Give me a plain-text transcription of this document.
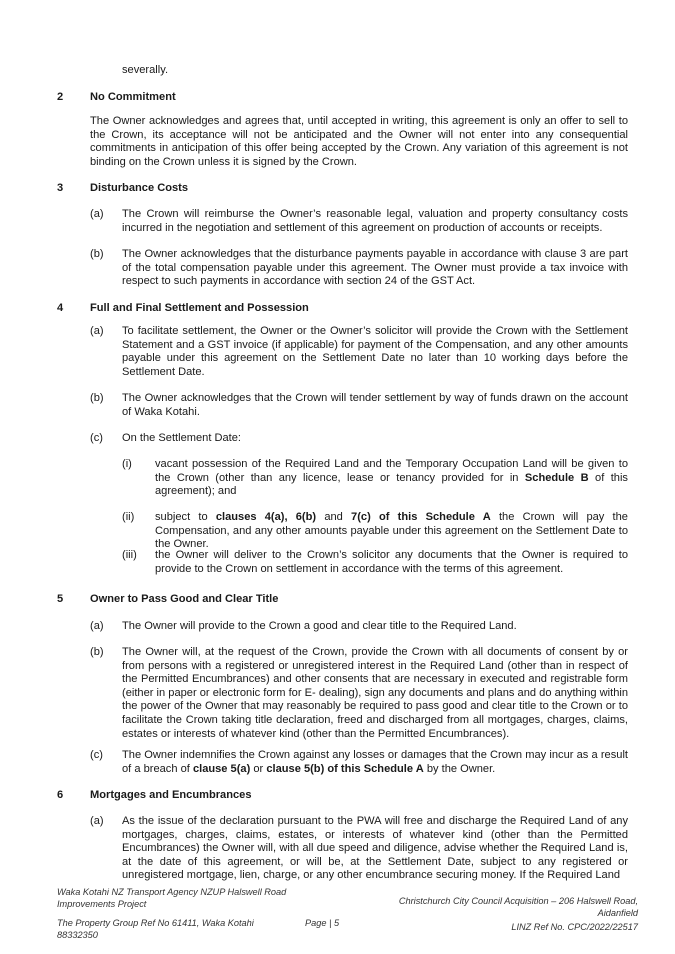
severally.
2 No Commitment
The Owner acknowledges and agrees that, until accepted in writing, this agreement is only an offer to sell to the Crown, its acceptance will not be anticipated and the Owner will not enter into any consequential commitments in anticipation of this offer being accepted by the Crown. Any variation of this agreement is not binding on the Crown unless it is signed by the Crown.
3 Disturbance Costs
(a) The Crown will reimburse the Owner’s reasonable legal, valuation and property consultancy costs incurred in the negotiation and settlement of this agreement on production of accounts or receipts.
(b) The Owner acknowledges that the disturbance payments payable in accordance with clause 3 are part of the total compensation payable under this agreement. The Owner must provide a tax invoice with respect to such payments in accordance with section 24 of the GST Act.
4 Full and Final Settlement and Possession
(a) To facilitate settlement, the Owner or the Owner’s solicitor will provide the Crown with the Settlement Statement and a GST invoice (if applicable) for payment of the Compensation, and any other amounts payable under this agreement on the Settlement Date no later than 10 working days before the Settlement Date.
(b) The Owner acknowledges that the Crown will tender settlement by way of funds drawn on the account of Waka Kotahi.
(c) On the Settlement Date:
(i) vacant possession of the Required Land and the Temporary Occupation Land will be given to the Crown (other than any licence, lease or tenancy provided for in Schedule B of this agreement); and
(ii) subject to clauses 4(a), 6(b) and 7(c) of this Schedule A the Crown will pay the Compensation, and any other amounts payable under this agreement on the Settlement Date to the Owner.
(iii) the Owner will deliver to the Crown’s solicitor any documents that the Owner is required to provide to the Crown on settlement in accordance with the terms of this agreement.
5 Owner to Pass Good and Clear Title
(a) The Owner will provide to the Crown a good and clear title to the Required Land.
(b) The Owner will, at the request of the Crown, provide the Crown with all documents of consent by or from persons with a registered or unregistered interest in the Required Land (other than in respect of the Permitted Encumbrances) and other consents that are necessary in executed and registrable form (either in paper or electronic form for E- dealing), sign any documents and plans and do anything within the power of the Owner that may reasonably be required to pass good and clear title to the Crown or to facilitate the Crown taking title declaration, freed and discharged from all mortgages, charges, claims, estates or interests of whatever kind (other than the Permitted Encumbrances).
(c) The Owner indemnifies the Crown against any losses or damages that the Crown may incur as a result of a breach of clause 5(a) or clause 5(b) of this Schedule A by the Owner.
6 Mortgages and Encumbrances
(a) As the issue of the declaration pursuant to the PWA will free and discharge the Required Land of any mortgages, charges, claims, estates, or interests of whatever kind (other than the Permitted Encumbrances) the Owner will, with all due speed and diligence, advise whether the Required Land is, at the date of this agreement, or will be, at the Settlement Date, subject to any registered or unregistered mortgage, lien, charge, or any other encumbrance securing money. If the Required Land
Waka Kotahi NZ Transport Agency NZUP Halswell Road Improvements Project
The Property Group Ref No 61411, Waka Kotahi 88332350
Page | 5
Christchurch City Council Acquisition – 206 Halswell Road, Aidanfield
LINZ Ref No. CPC/2022/22517
